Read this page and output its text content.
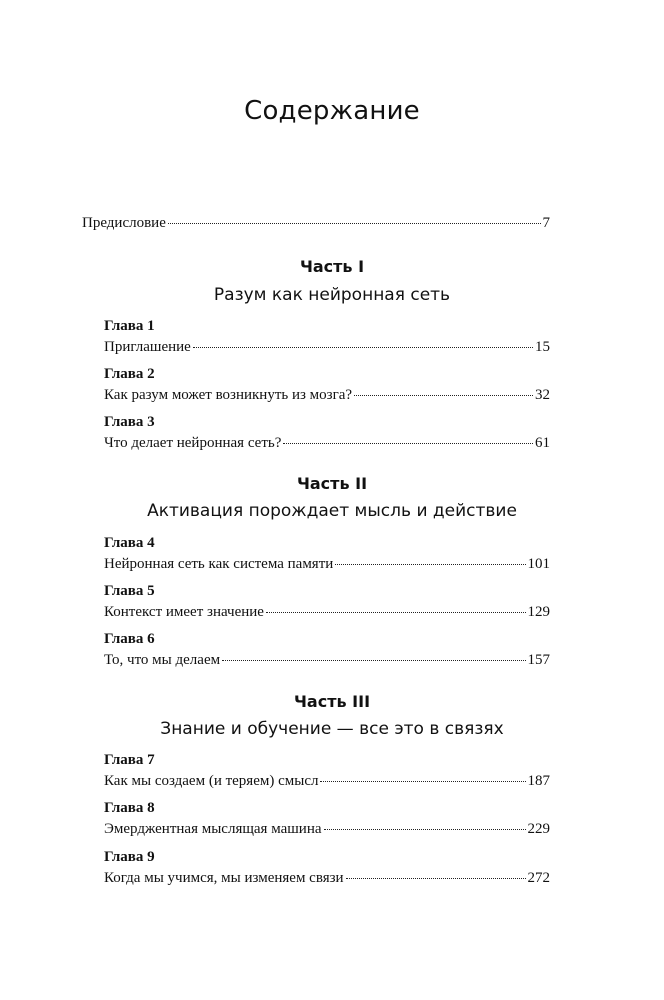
Содержание
Предисловие	7
Часть I
Разум как нейронная сеть
Глава 1
Приглашение	15
Глава 2
Как разум может возникнуть из мозга?	32
Глава 3
Что делает нейронная сеть?	61
Часть II
Активация порождает мысль и действие
Глава 4
Нейронная сеть как система памяти	101
Глава 5
Контекст имеет значение	129
Глава 6
То, что мы делаем	157
Часть III
Знание и обучение — все это в связях
Глава 7
Как мы создаем (и теряем) смысл	187
Глава 8
Эмерджентная мыслящая машина	229
Глава 9
Когда мы учимся, мы изменяем связи	272
